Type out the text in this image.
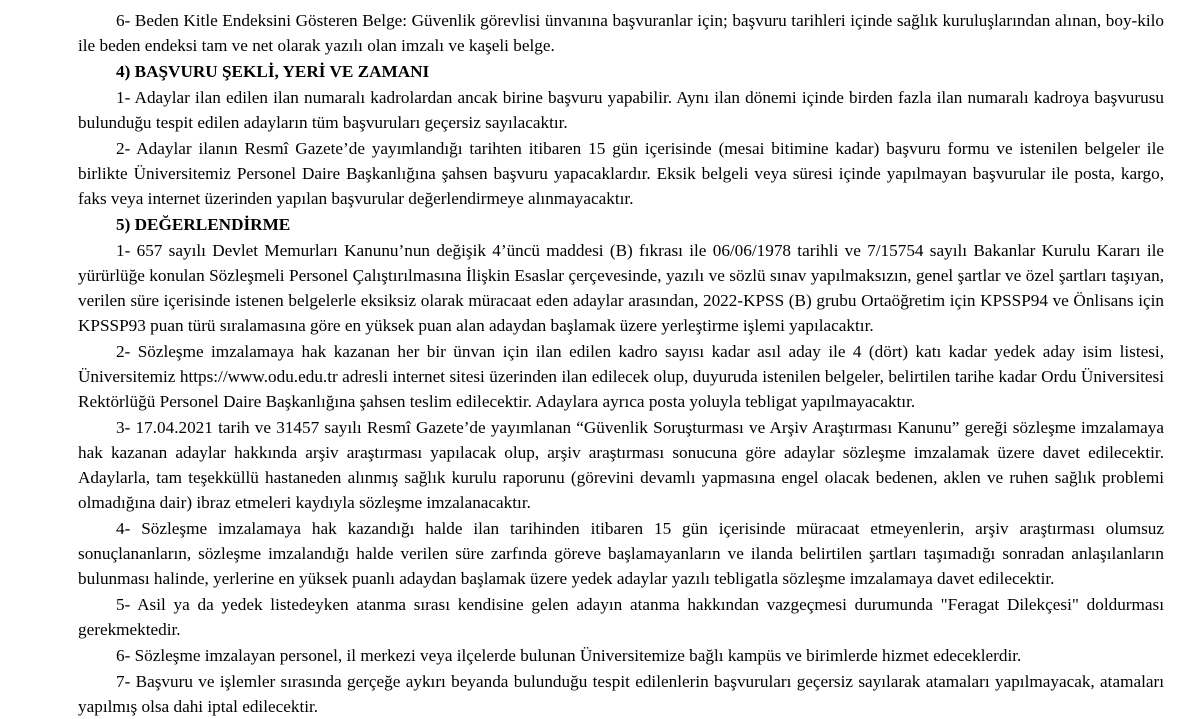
6- Beden Kitle Endeksini Gösteren Belge: Güvenlik görevlisi ünvanına başvuranlar için; başvuru tarihleri içinde sağlık kuruluşlarından alınan, boy-kilo ile beden endeksi tam ve net olarak yazılı olan imzalı ve kaşeli belge.

4) BAŞVURU ŞEKLİ, YERİ VE ZAMANI

1- Adaylar ilan edilen ilan numaralı kadrolardan ancak birine başvuru yapabilir. Aynı ilan dönemi içinde birden fazla ilan numaralı kadroya başvurusu bulunduğu tespit edilen adayların tüm başvuruları geçersiz sayılacaktır.

2- Adaylar ilanın Resmî Gazete’de yayımlandığı tarihten itibaren 15 gün içerisinde (mesai bitimine kadar) başvuru formu ve istenilen belgeler ile birlikte Üniversitemiz Personel Daire Başkanlığına şahsen başvuru yapacaklardır. Eksik belgeli veya süresi içinde yapılmayan başvurular ile posta, kargo, faks veya internet üzerinden yapılan başvurular değerlendirmeye alınmayacaktır.

5) DEĞERLENDİRME

1- 657 sayılı Devlet Memurları Kanunu’nun değişik 4’üncü maddesi (B) fıkrası ile 06/06/1978 tarihli ve 7/15754 sayılı Bakanlar Kurulu Kararı ile yürürlüğe konulan Sözleşmeli Personel Çalıştırılmasına İlişkin Esaslar çerçevesinde, yazılı ve sözlü sınav yapılmaksızın, genel şartlar ve özel şartları taşıyan, verilen süre içerisinde istenen belgelerle eksiksiz olarak müracaat eden adaylar arasından, 2022-KPSS (B) grubu Ortaöğretim için KPSSP94 ve Önlisans için KPSSP93 puan türü sıralamasına göre en yüksek puan alan adaydan başlamak üzere yerleştirme işlemi yapılacaktır.

2- Sözleşme imzalamaya hak kazanan her bir ünvan için ilan edilen kadro sayısı kadar asıl aday ile 4 (dört) katı kadar yedek aday isim listesi, Üniversitemiz https://www.odu.edu.tr adresli internet sitesi üzerinden ilan edilecek olup, duyuruda istenilen belgeler, belirtilen tarihe kadar Ordu Üniversitesi Rektörlüğü Personel Daire Başkanlığına şahsen teslim edilecektir. Adaylara ayrıca posta yoluyla tebligat yapılmayacaktır.

3- 17.04.2021 tarih ve 31457 sayılı Resmî Gazete’de yayımlanan “Güvenlik Soruşturması ve Arşiv Araştırması Kanunu” gereği sözleşme imzalamaya hak kazanan adaylar hakkında arşiv araştırması yapılacak olup, arşiv araştırması sonucuna göre adaylar sözleşme imzalamak üzere davet edilecektir. Adaylarla, tam teşekküllü hastaneden alınmış sağlık kurulu raporunu (görevini devamlı yapmasına engel olacak bedenen, aklen ve ruhen sağlık problemi olmadığına dair) ibraz etmeleri kaydıyla sözleşme imzalanacaktır.

4- Sözleşme imzalamaya hak kazandığı halde ilan tarihinden itibaren 15 gün içerisinde müracaat etmeyenlerin, arşiv araştırması olumsuz sonuçlananların, sözleşme imzalandığı halde verilen süre zarfında göreve başlamayanların ve ilanda belirtilen şartları taşımadığı sonradan anlaşılanların bulunması halinde, yerlerine en yüksek puanlı adaydan başlamak üzere yedek adaylar yazılı tebligatla sözleşme imzalamaya davet edilecektir.

5- Asil ya da yedek listedeyken atanma sırası kendisine gelen adayın atanma hakkından vazgeçmesi durumunda "Feragat Dilekçesi" doldurması gerekmektedir.

6- Sözleşme imzalayan personel, il merkezi veya ilçelerde bulunan Üniversitemize bağlı kampüs ve birimlerde hizmet edeceklerdir.

7- Başvuru ve işlemler sırasında gerçeğe aykırı beyanda bulunduğu tespit edilenlerin başvuruları geçersiz sayılarak atamaları yapılmayacak, atamaları yapılmış olsa dahi iptal edilecektir.
